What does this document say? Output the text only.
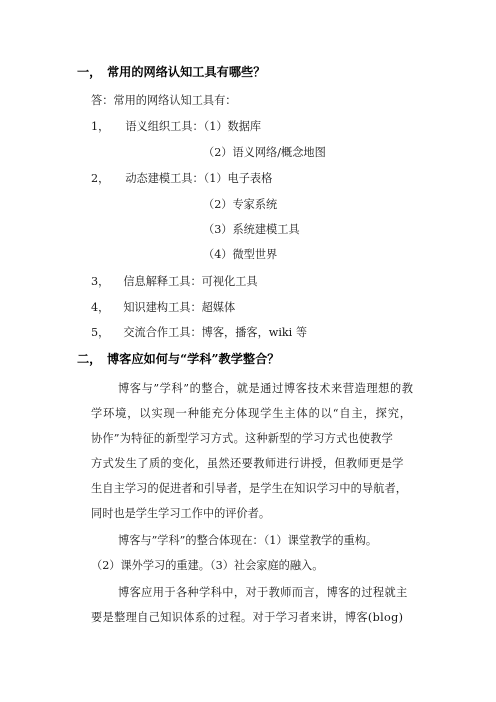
一， 常用的网络认知工具有哪些？
答：常用的网络认知工具有：
1， 语义组织工具：（1）数据库
（2）语义网络/概念地图
2， 动态建模工具：（1）电子表格
（2）专家系统
（3）系统建模工具
（4）微型世界
3， 信息解释工具：可视化工具
4， 知识建构工具：超媒体
5， 交流合作工具：博客，播客，wiki 等
二， 博客应如何与“学科”教学整合？
博客与”学科”的整合，就是通过博客技术来营造理想的教
学环境，以实现一种能充分体现学生主体的以“自主，探究，
协作”为特征的新型学习方式。这种新型的学习方式也使教学
方式发生了质的变化，虽然还要教师进行讲授，但教师更是学
生自主学习的促进者和引导者，是学生在知识学习中的导航者，
同时也是学生学习工作中的评价者。
博客与”学科”的整合体现在：（1）课堂教学的重构。
（2）课外学习的重建。（3）社会家庭的融入。
博客应用于各种学科中，对于教师而言，博客的过程就主
要是整理自己知识体系的过程。对于学习者来讲，博客(blog)
